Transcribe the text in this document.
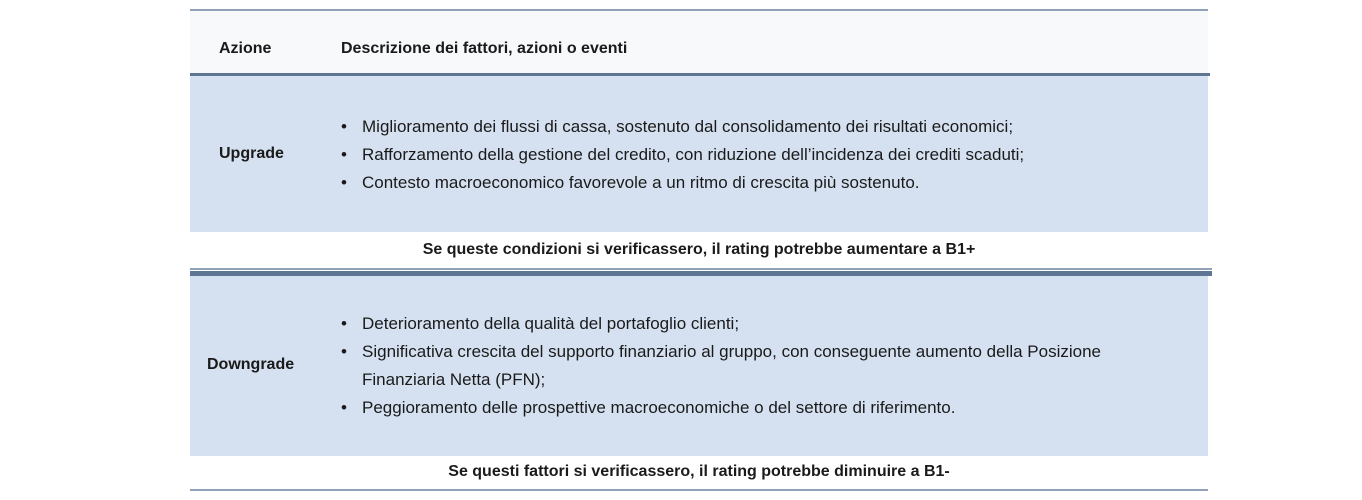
Azione	Descrizione dei fattori, azioni o eventi
Se queste condizioni si verificassero, il rating potrebbe aumentare a B1+
Se questi fattori si verificassero, il rating potrebbe diminuire a B1-
Upgrade
• Miglioramento dei flussi di cassa, sostenuto dal consolidamento dei risultati economici;
• Rafforzamento della gestione del credito, con riduzione dell’incidenza dei crediti scaduti;
• Contesto macroeconomico favorevole a un ritmo di crescita più sostenuto.
Downgrade
• Deterioramento della qualità del portafoglio clienti;
• Significativa crescita del supporto finanziario al gruppo, con conseguente aumento della Posizione Finanziaria Netta (PFN);
• Peggioramento delle prospettive macroeconomiche o del settore di riferimento.
